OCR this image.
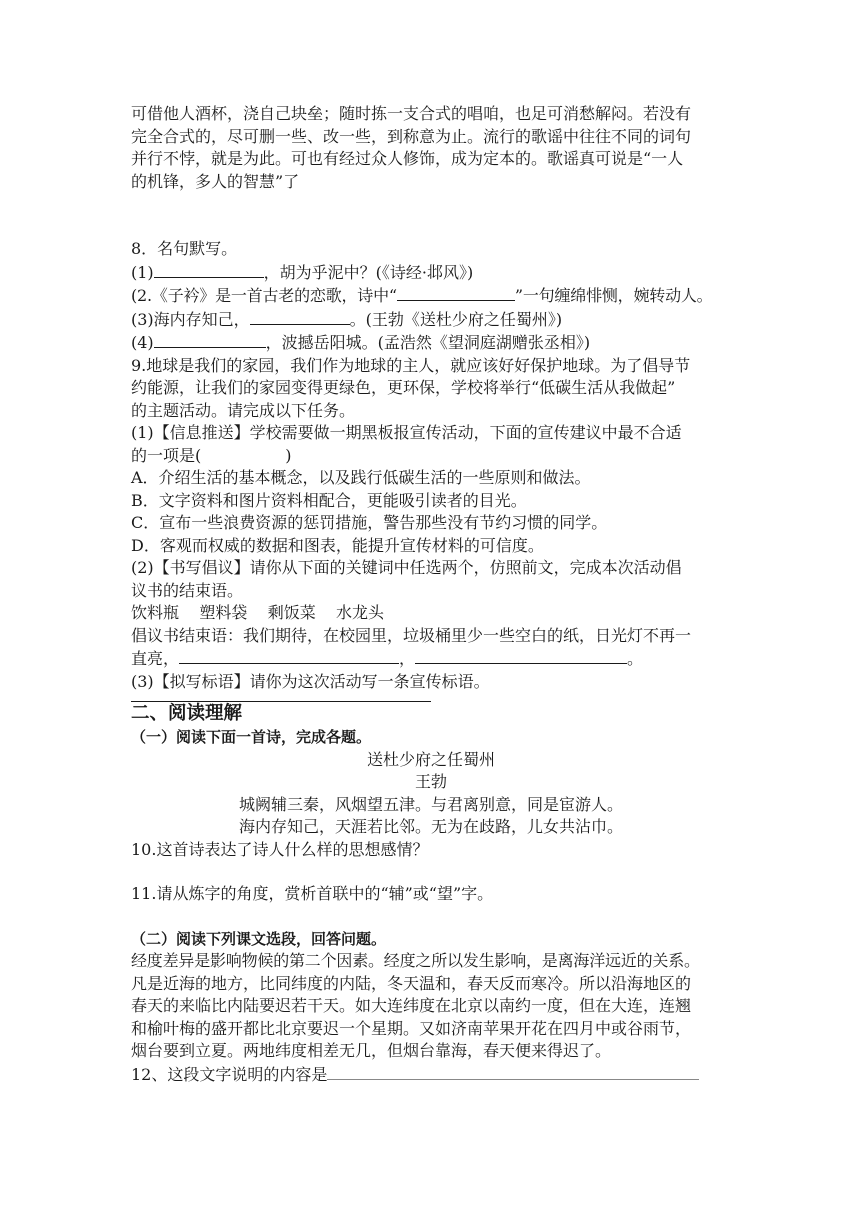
可借他人酒杯，浇自己块垒；随时拣一支合式的唱咱，也足可消愁解闷。若没有

完全合式的，尽可删一些、改一些，到称意为止。流行的歌谣中往往不同的词句

并行不悖，就是为此。可也有经过众人修饰，成为定本的。歌谣真可说是“一人

的机锋，多人的智慧”了

8．名句默写。

(1)	，胡为乎泥中？(《诗经·邶风》)

(2.《子衿》是一首古老的恋歌，诗中“	”一句缠绵悱恻，婉转动人。

(3)海内存知己，	。(王勃《送杜少府之任蜀州》)

(4)	，波撼岳阳城。(孟浩然《望洞庭湖赠张丞相》)

9.地球是我们的家园，我们作为地球的主人，就应该好好保护地球。为了倡导节

约能源，让我们的家园变得更绿色，更环保，学校将举行“低碳生活从我做起”

的主题活动。请完成以下任务。

(1)【信息推送】学校需要做一期黑板报宣传活动，下面的宣传建议中最不合适

的一项是(	)

A．介绍生活的基本概念，以及践行低碳生活的一些原则和做法。

B．文字资料和图片资料相配合，更能吸引读者的目光。

C．宣布一些浪费资源的惩罚措施，警告那些没有节约习惯的同学。

D．客观而权威的数据和图表，能提升宣传材料的可信度。

(2)【书写倡议】请你从下面的关键词中任选两个，仿照前文，完成本次活动倡

议书的结束语。

饮料瓶    塑料袋    剩饭菜    水龙头

倡议书结束语：我们期待，在校园里，垃圾桶里少一些空白的纸，日光灯不再一

直亮，	，	。

(3)【拟写标语】请你为这次活动写一条宣传标语。

二、阅读理解

（一）阅读下面一首诗，完成各题。

送杜少府之任蜀州

王勃

城阙辅三秦，风烟望五津。与君离别意，同是宦游人。

海内存知己，天涯若比邻。无为在歧路，儿女共沾巾。

10.这首诗表达了诗人什么样的思想感情？

11.请从炼字的角度，赏析首联中的“辅”或“望”字。

（二）阅读下列课文选段，回答问题。

经度差异是影响物候的第二个因素。经度之所以发生影响，是离海洋远近的关系。

凡是近海的地方，比同纬度的内陆，冬天温和，春天反而寒冷。所以沿海地区的

春天的来临比内陆要迟若干天。如大连纬度在北京以南约一度，但在大连，连翘

和榆叶梅的盛开都比北京要迟一个星期。又如济南苹果开花在四月中或谷雨节，

烟台要到立夏。两地纬度相差无几，但烟台靠海，春天便来得迟了。

12、这段文字说明的内容是
